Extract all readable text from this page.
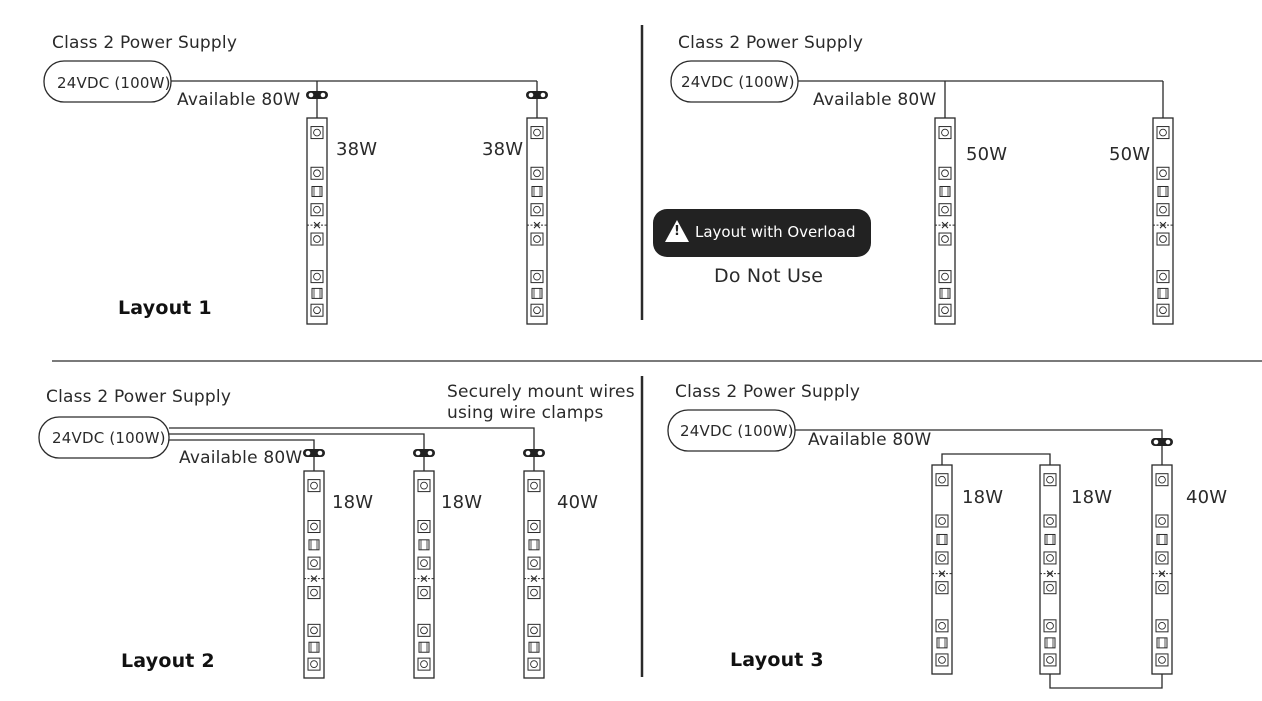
Class 2 Power Supply
24VDC (100W)
Available 80W
38W	38W
Layout 1
Class 2 Power Supply
24VDC (100W)
Available 80W
50W	50W
! Layout with Overload
Do Not Use
Class 2 Power Supply
24VDC (100W)
Available 80W
Securely mount wires
using wire clamps
18W	18W	40W
Layout 2
Class 2 Power Supply
24VDC (100W) Available 80W
18W	18W	40W
Layout 3
